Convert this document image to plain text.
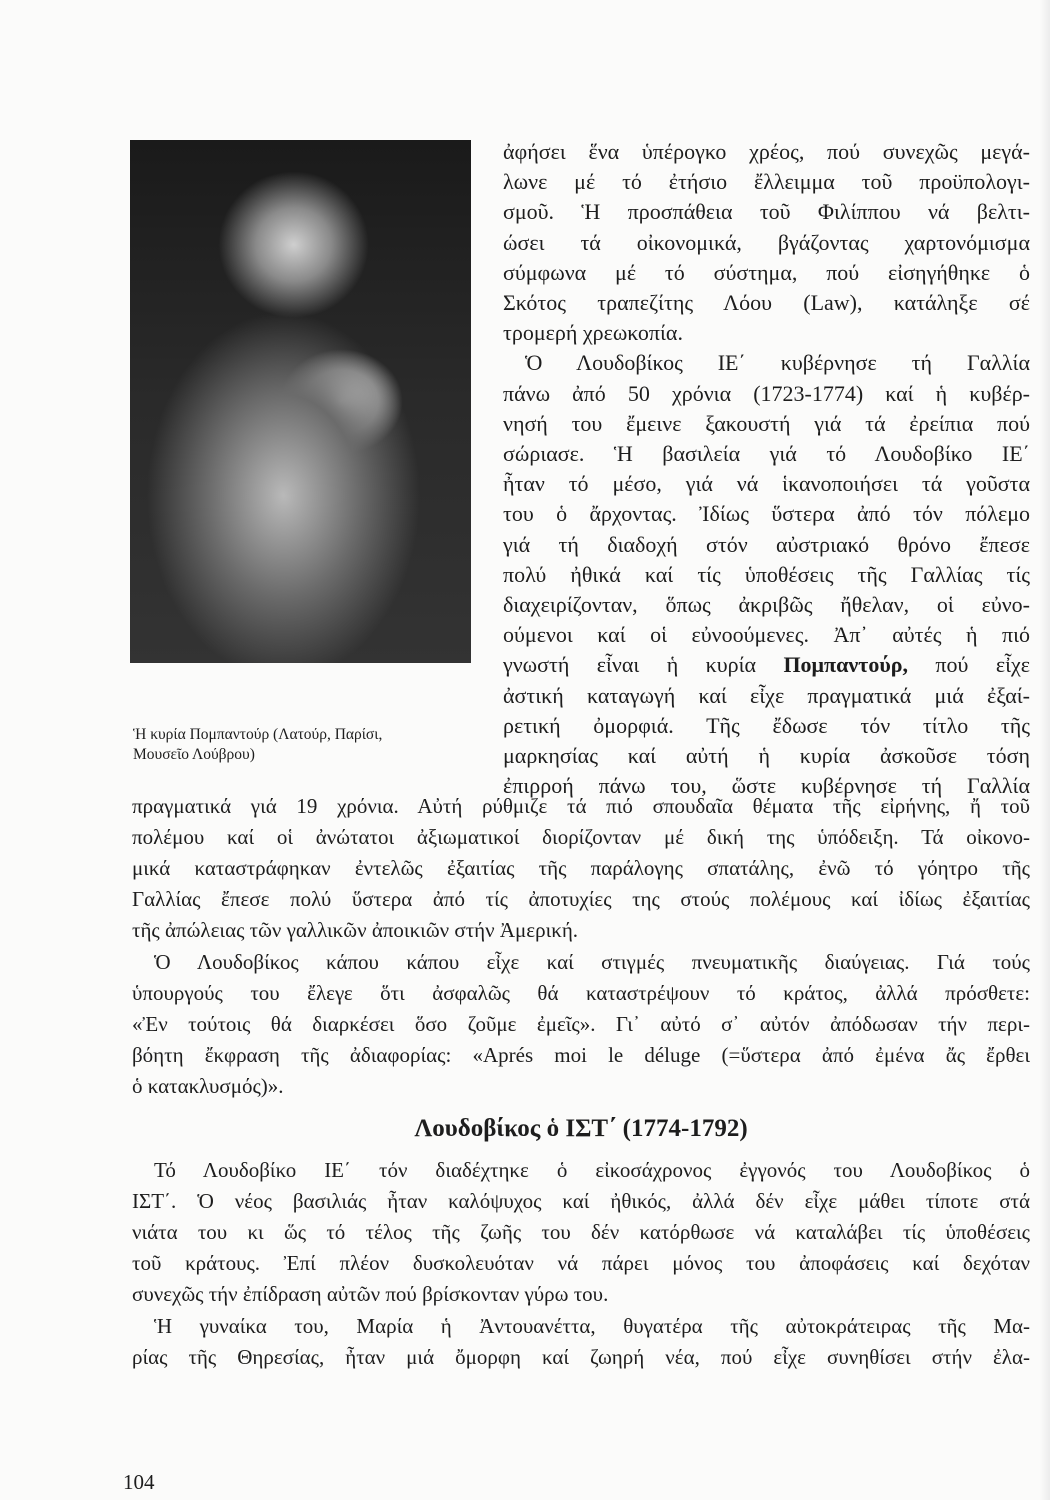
Ἡ κυρία Πομπαντούρ (Λατούρ, Παρίσι,
Μουσεῖο Λούβρου)
ἀφήσει ἕνα ὑπέρογκο χρέος, πού συνεχῶς μεγά-
λωνε μέ τό ἐτήσιο ἔλλειμμα τοῦ προϋπολογι-
σμοῦ. Ἡ προσπάθεια τοῦ Φιλίππου νά βελτι-
ώσει τά οἰκονομικά, βγάζοντας χαρτονόμισμα
σύμφωνα μέ τό σύστημα, πού εἰσηγήθηκε ὁ
Σκότος τραπεζίτης Λόου (Law), κατάληξε σέ
τρομερή χρεωκοπία.
Ὁ Λουδοβίκος ΙΕ΄ κυβέρνησε τή Γαλλία
πάνω ἀπό 50 χρόνια (1723-1774) καί ἡ κυβέρ-
νησή του ἔμεινε ξακουστή γιά τά ἐρείπια πού
σώριασε. Ἡ βασιλεία γιά τό Λουδοβίκο ΙΕ΄
ἦταν τό μέσο, γιά νά ἱκανοποιήσει τά γοῦστα
του ὁ ἄρχοντας. Ἰδίως ὕστερα ἀπό τόν πόλεμο
γιά τή διαδοχή στόν αὐστριακό θρόνο ἔπεσε
πολύ ἠθικά καί τίς ὑποθέσεις τῆς Γαλλίας τίς
διαχειρίζονταν, ὅπως ἀκριβῶς ἤθελαν, οἱ εὐνο-
ούμενοι καί οἱ εὐνοούμενες. Ἀπ᾽ αὐτές ἡ πιό
γνωστή εἶναι ἡ κυρία Πομπαντούρ, πού εἶχε
ἀστική καταγωγή καί εἶχε πραγματικά μιά ἐξαί-
ρετική ὀμορφιά. Τῆς ἔδωσε τόν τίτλο τῆς
μαρκησίας καί αὐτή ἡ κυρία ἀσκοῦσε τόση
ἐπιρροή πάνω του, ὥστε κυβέρνησε τή Γαλλία
πραγματικά γιά 19 χρόνια. Αὐτή ρύθμιζε τά πιό σπουδαῖα θέματα τῆς εἰρήνης, ἤ τοῦ
πολέμου καί οἱ ἀνώτατοι ἀξιωματικοί διορίζονταν μέ δική της ὑπόδειξη. Τά οἰκονο-
μικά καταστράφηκαν ἐντελῶς ἐξαιτίας τῆς παράλογης σπατάλης, ἐνῶ τό γόητρο τῆς
Γαλλίας ἔπεσε πολύ ὕστερα ἀπό τίς ἀποτυχίες της στούς πολέμους καί ἰδίως ἐξαιτίας
τῆς ἀπώλειας τῶν γαλλικῶν ἀποικιῶν στήν Ἀμερική.
Ὁ Λουδοβίκος κάπου κάπου εἶχε καί στιγμές πνευματικῆς διαύγειας. Γιά τούς
ὑπουργούς του ἔλεγε ὅτι ἀσφαλῶς θά καταστρέψουν τό κράτος, ἀλλά πρόσθετε:
«Ἐν τούτοις θά διαρκέσει ὅσο ζοῦμε ἐμεῖς». Γι᾽ αὐτό σ᾽ αὐτόν ἀπόδωσαν τήν περι-
βόητη ἔκφραση τῆς ἀδιαφορίας: «Aprés moi le déluge (=ὕστερα ἀπό ἐμένα ἄς ἔρθει
ὁ κατακλυσμός)».
Λουδοβίκος ὁ ΙΣΤ΄ (1774-1792)
Τό Λουδοβίκο ΙΕ΄ τόν διαδέχτηκε ὁ εἰκοσάχρονος ἐγγονός του Λουδοβίκος ὁ
ΙΣΤ΄. Ὁ νέος βασιλιάς ἦταν καλόψυχος καί ἠθικός, ἀλλά δέν εἶχε μάθει τίποτε στά
νιάτα του κι ὥς τό τέλος τῆς ζωῆς του δέν κατόρθωσε νά καταλάβει τίς ὑποθέσεις
τοῦ κράτους. Ἐπί πλέον δυσκολευόταν νά πάρει μόνος του ἀποφάσεις καί δεχόταν
συνεχῶς τήν ἐπίδραση αὐτῶν πού βρίσκονταν γύρω του.
Ἡ γυναίκα του, Μαρία ἡ Ἀντουανέττα, θυγατέρα τῆς αὐτοκράτειρας τῆς Μα-
ρίας τῆς Θηρεσίας, ἦταν μιά ὄμορφη καί ζωηρή νέα, πού εἶχε συνηθίσει στήν ἐλα-
104
